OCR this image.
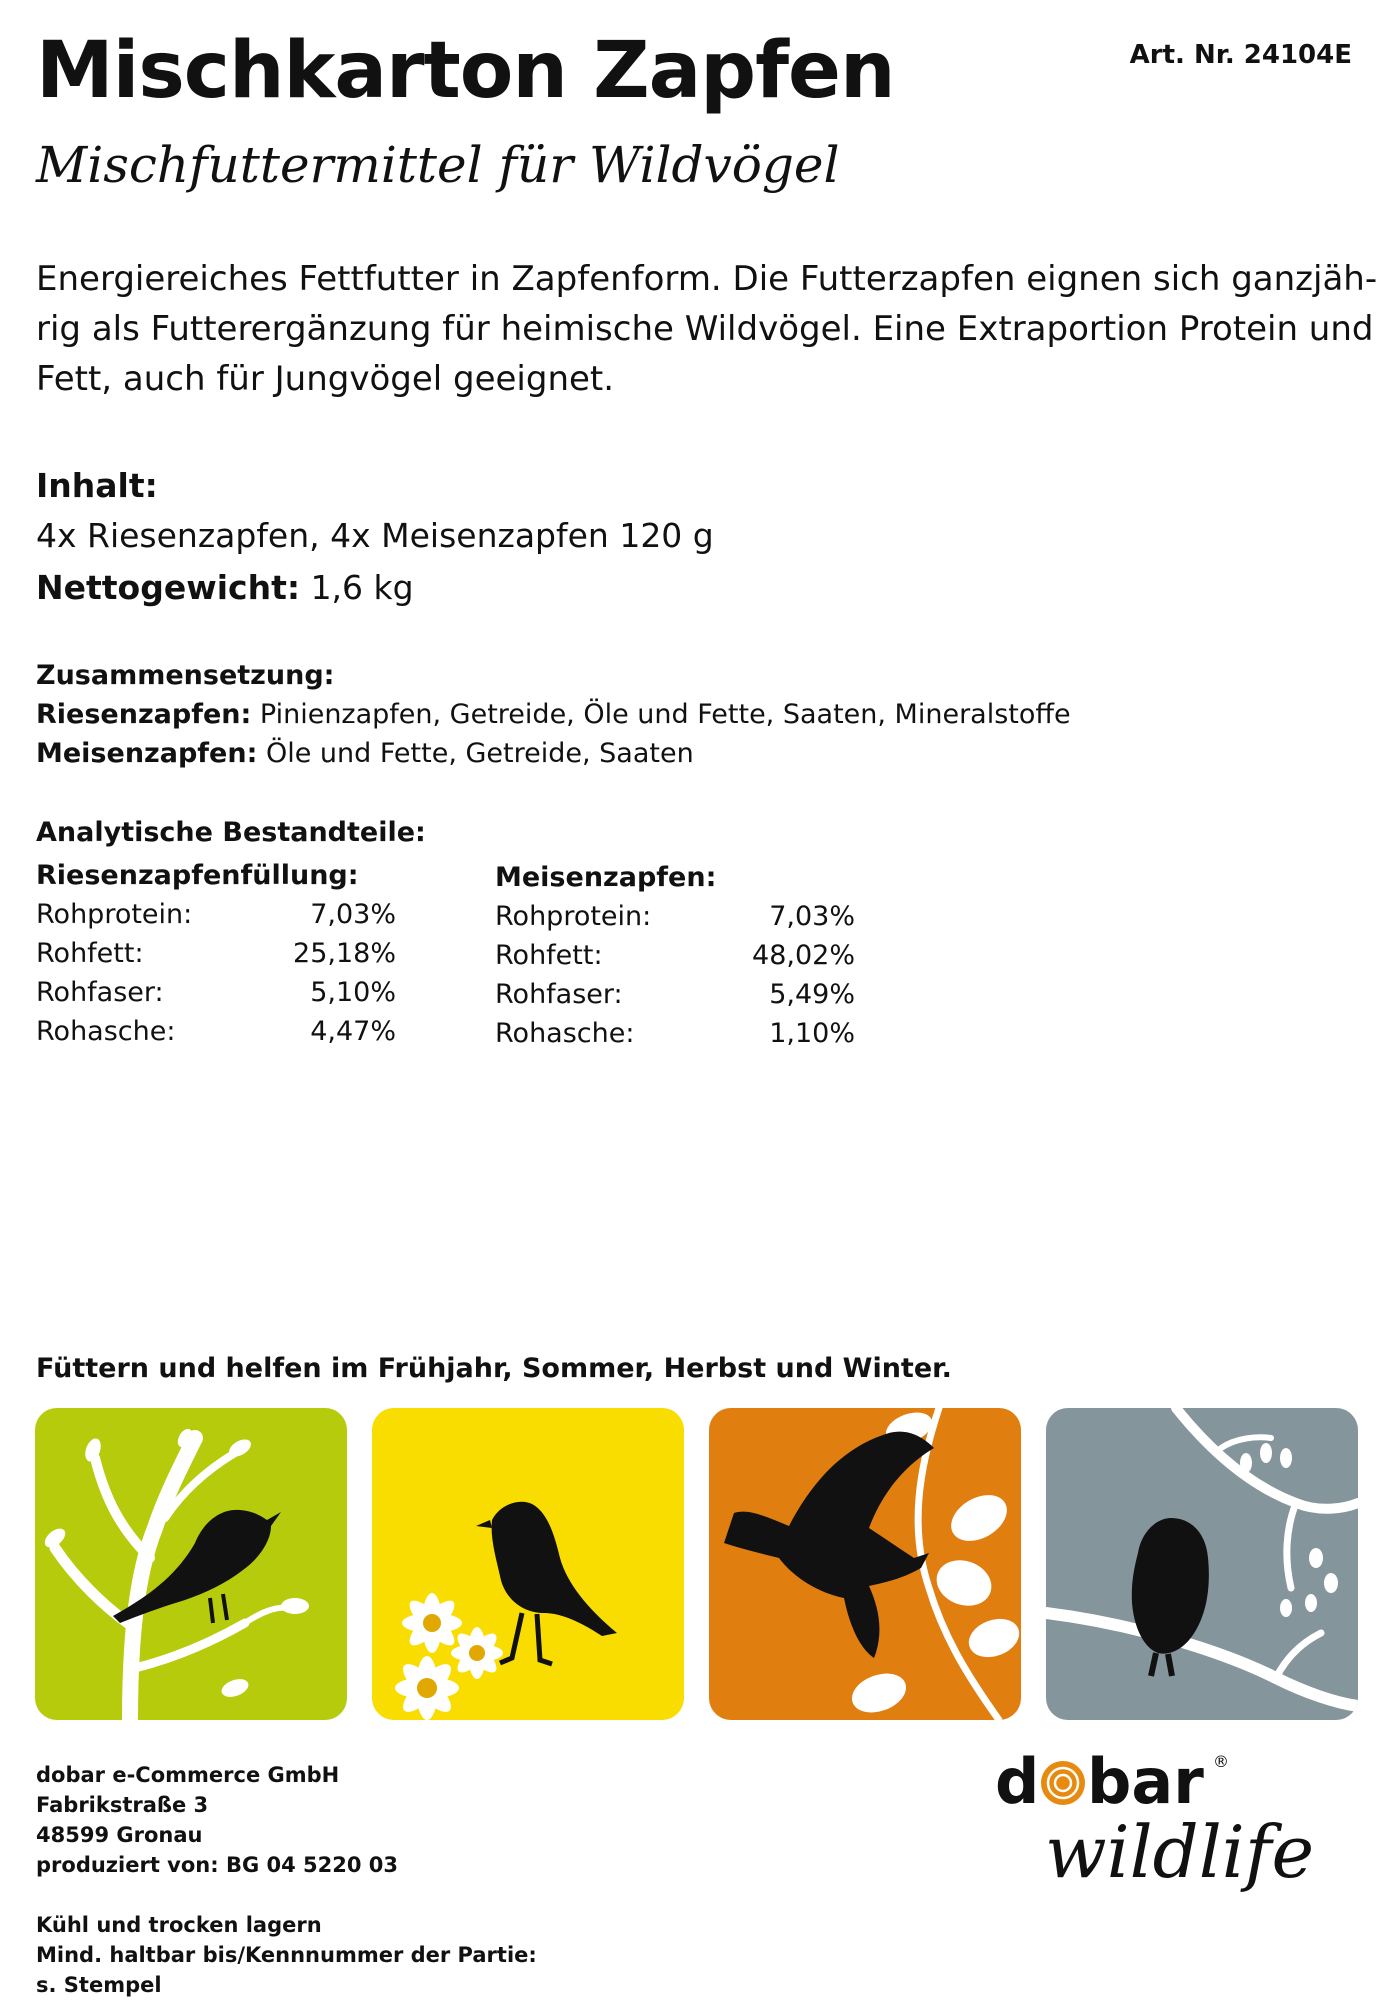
Mischkarton Zapfen
Mischfuttermittel für Wildvögel
Art. Nr. 24104E
Energiereiches Fettfutter in Zapfenform. Die Futterzapfen eignen sich ganzjäh-
rig als Futterergänzung für heimische Wildvögel. Eine Extraportion Protein und
Fett, auch für Jungvögel geeignet.
Inhalt:
4x Riesenzapfen, 4x Meisenzapfen 120 g
Nettogewicht: 1,6 kg
Zusammensetzung:
Riesenzapfen: Pinienzapfen, Getreide, Öle und Fette, Saaten, Mineralstoffe
Meisenzapfen: Öle und Fette, Getreide, Saaten
Analytische Bestandteile:
Riesenzapfenfüllung:
Rohprotein:	7,03%
Rohfett:	25,18%
Rohfaser:	5,10%
Rohasche:	4,47%
Meisenzapfen:
Rohprotein:	7,03%
Rohfett:	48,02%
Rohfaser:	5,49%
Rohasche:	1,10%
Füttern und helfen im Frühjahr, Sommer, Herbst und Winter.
dobar e-Commerce GmbH
Fabrikstraße 3
48599 Gronau
produziert von: BG 04 5220 03
Kühl und trocken lagern
Mind. haltbar bis/Kennnummer der Partie:
s. Stempel
d bar ®
wildlife
